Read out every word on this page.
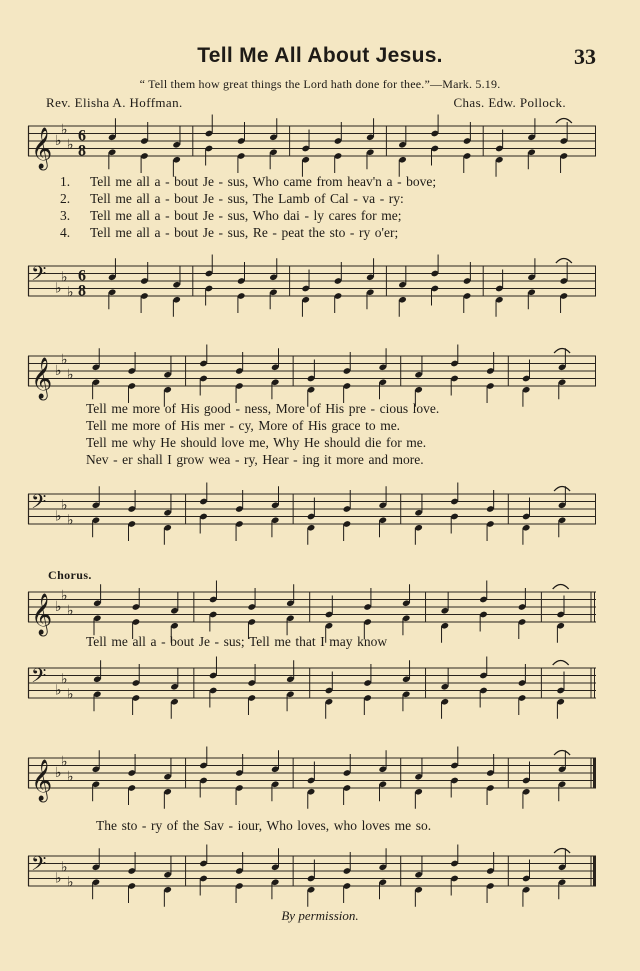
Tell Me All About Jesus.	33
“ Tell them how great things the Lord hath done for thee.”—Mark. 5.19.
Rev. Elisha A. Hoffman.	Chas. Edw. Pollock.
𝄞 ♭
♭
♭
6
8
1. Tell me all a - bout Je - sus, Who came from heav'n a - bove;
2. Tell me all a - bout Je - sus, The Lamb of Cal - va - ry:
3. Tell me all a - bout Je - sus, Who dai - ly cares for me;
4. Tell me all a - bout Je - sus, Re - peat the sto - ry o'er;
𝄢 ♭
♭
♭
6
8
𝄞 ♭
♭
♭
Tell me more of His good - ness, More of His pre - cious love.
Tell me more of His mer - cy, More of His grace to me.
Tell me why He should love me, Why He should die for me.
Nev - er shall I grow wea - ry, Hear - ing it more and more.
𝄢 ♭
♭
♭
Chorus.
𝄞 ♭
♭
♭
Tell me all a - bout Je - sus; Tell me that I may know
𝄢 ♭
♭
♭
𝄞 ♭
♭
♭
The sto - ry of the Sav - iour, Who loves, who loves me so.
𝄢 ♭
♭
♭
By permission.
